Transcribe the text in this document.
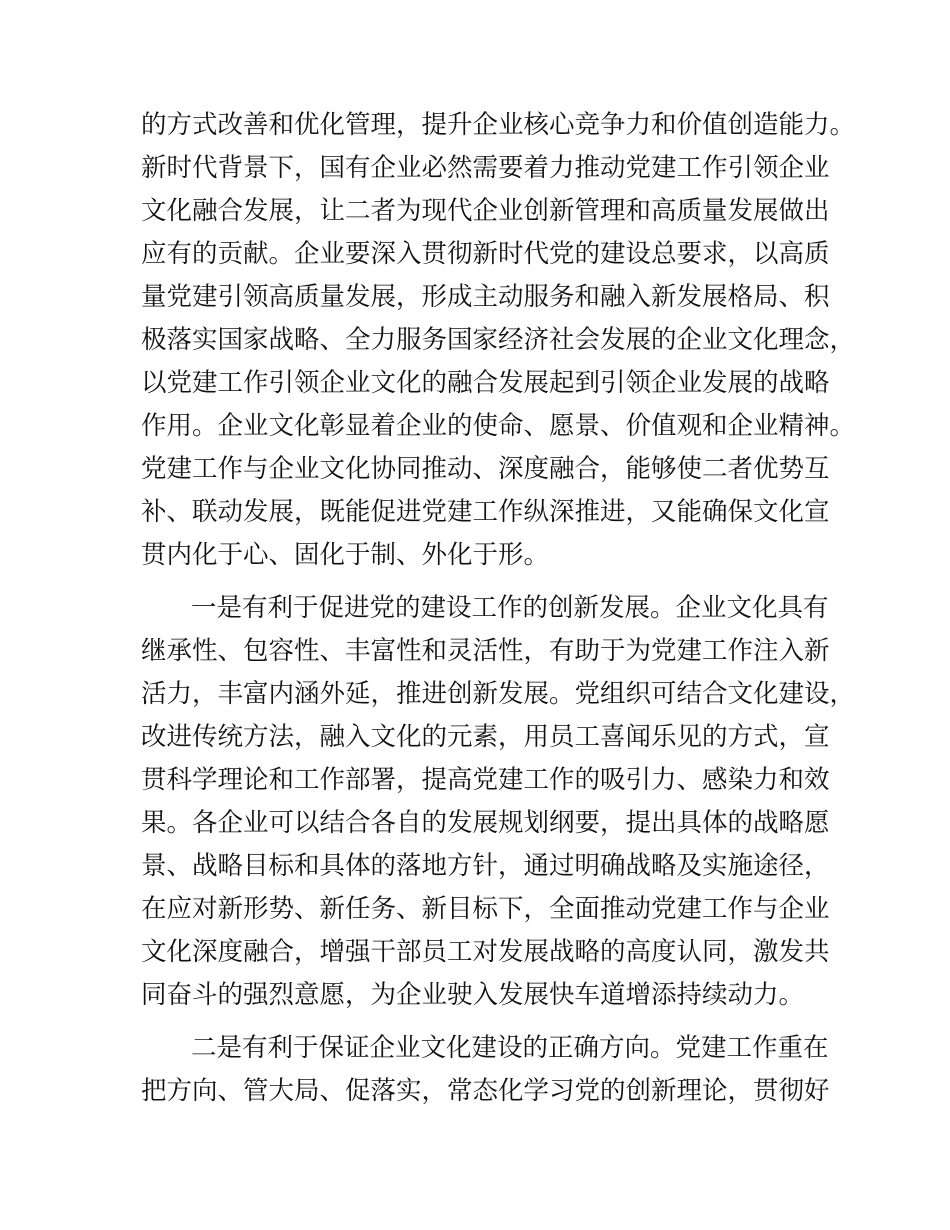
的方式改善和优化管理，提升企业核心竞争力和价值创造能力。
新时代背景下，国有企业必然需要着力推动党建工作引领企业
文化融合发展，让二者为现代企业创新管理和高质量发展做出
应有的贡献。企业要深入贯彻新时代党的建设总要求，以高质
量党建引领高质量发展，形成主动服务和融入新发展格局、积
极落实国家战略、全力服务国家经济社会发展的企业文化理念，
以党建工作引领企业文化的融合发展起到引领企业发展的战略
作用。企业文化彰显着企业的使命、愿景、价值观和企业精神。
党建工作与企业文化协同推动、深度融合，能够使二者优势互
补、联动发展，既能促进党建工作纵深推进，又能确保文化宣
贯内化于心、固化于制、外化于形。
一是有利于促进党的建设工作的创新发展。企业文化具有
继承性、包容性、丰富性和灵活性，有助于为党建工作注入新
活力，丰富内涵外延，推进创新发展。党组织可结合文化建设，
改进传统方法，融入文化的元素，用员工喜闻乐见的方式，宣
贯科学理论和工作部署，提高党建工作的吸引力、感染力和效
果。各企业可以结合各自的发展规划纲要，提出具体的战略愿
景、战略目标和具体的落地方针，通过明确战略及实施途径，
在应对新形势、新任务、新目标下，全面推动党建工作与企业
文化深度融合，增强干部员工对发展战略的高度认同，激发共
同奋斗的强烈意愿，为企业驶入发展快车道增添持续动力。
二是有利于保证企业文化建设的正确方向。党建工作重在
把方向、管大局、促落实，常态化学习党的创新理论，贯彻好
